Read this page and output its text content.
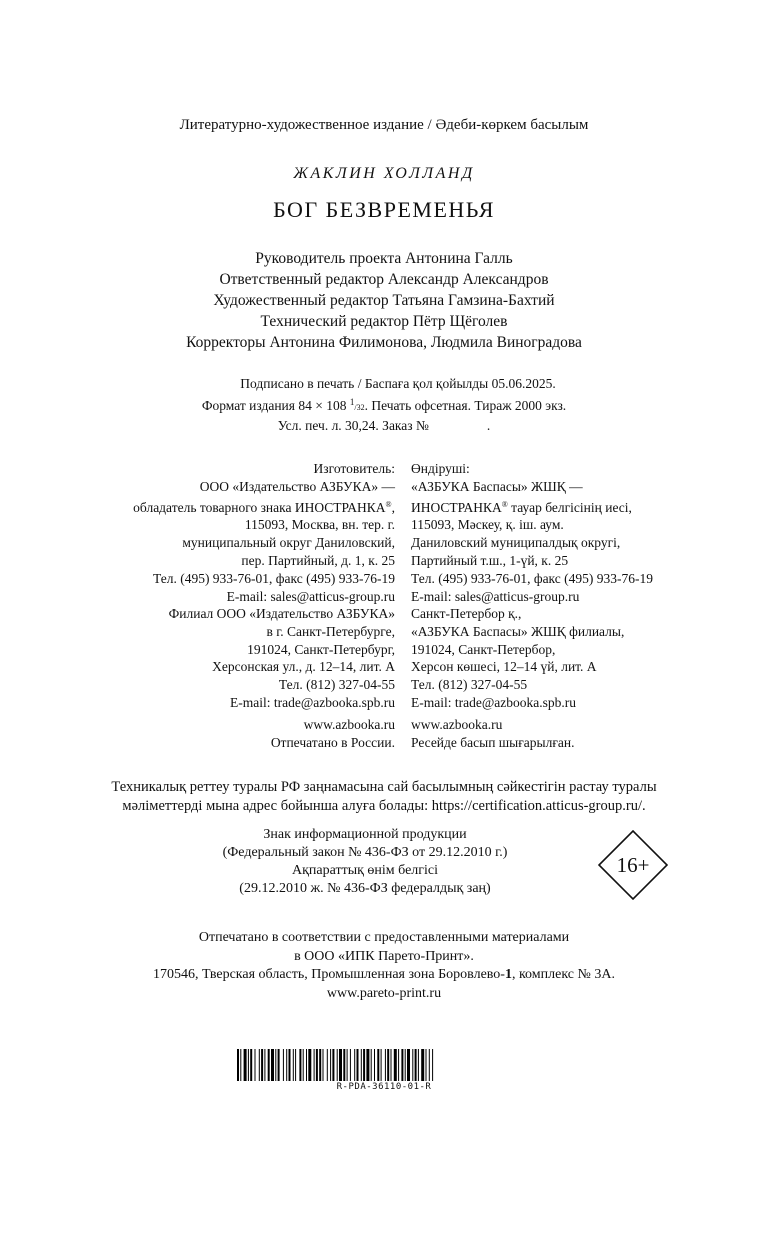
Литературно-художественное издание / Әдеби-көркем басылым
ЖАКЛИН ХОЛЛАНД
БОГ БЕЗВРЕМЕНЬЯ
Руководитель проекта Антонина Галль
Ответственный редактор Александр Александров
Художественный редактор Татьяна Гамзина-Бахтий
Технический редактор Пётр Щёголев
Корректоры Антонина Филимонова, Людмила Виноградова
Подписано в печать / Баспаға қол қойылды 05.06.2025.
Формат издания 84 × 108 $^1$/32. Печать офсетная. Тираж 2000 экз.
Усл. печ. л. 30,24. Заказ №	.
Изготовитель:
ООО «Издательство АЗБУКА» —
обладатель товарного знака ИНОСТРАНКА®,
115093, Москва, вн. тер. г.
муниципальный округ Даниловский,
пер. Партийный, д. 1, к. 25
Тел. (495) 933-76-01, факс (495) 933-76-19
E-mail: sales@atticus-group.ru
Өндіруші:
«АЗБУКА Баспасы» ЖШҚ —
ИНОСТРАНКА® тауар белгісінің иесі,
115093, Мәскеу, қ. іш. аум.
Даниловский муниципалдық округі,
Партийный т.ш., 1-үй, к. 25
Тел. (495) 933-76-01, факс (495) 933-76-19
E-mail: sales@atticus-group.ru
Филиал ООО «Издательство АЗБУКА»
в г. Санкт-Петербурге,
191024, Санкт-Петербург,
Херсонская ул., д. 12–14, лит. А
Тел. (812) 327-04-55
E-mail: trade@azbooka.spb.ru
Санкт-Петербор қ.,
«АЗБУКА Баспасы» ЖШҚ филиалы,
191024, Санкт-Петербор,
Херсон көшесі, 12–14 үй, лит. А
Тел. (812) 327-04-55
E-mail: trade@azbooka.spb.ru
www.azbooka.ru
Отпечатано в России.
www.azbooka.ru
Ресейде басып шығарылған.
Техникалық реттеу туралы РФ заңнамасына сай басылымның сәйкестігін растау туралы
мәліметтерді мына адрес бойынша алуға болады: https://certification.atticus-group.ru/.
Знак информационной продукции
(Федеральный закон № 436-ФЗ от 29.12.2010 г.)
Ақпараттық өнім белгісі
(29.12.2010 ж. № 436-ФЗ федералдық заң)
16+
Отпечатано в соответствии с предоставленными материалами
в ООО «ИПК Парето-Принт».
170546, Тверская область, Промышленная зона Боровлево-1, комплекс № 3А.
www.pareto-print.ru
R-PDA-36110-01-R
